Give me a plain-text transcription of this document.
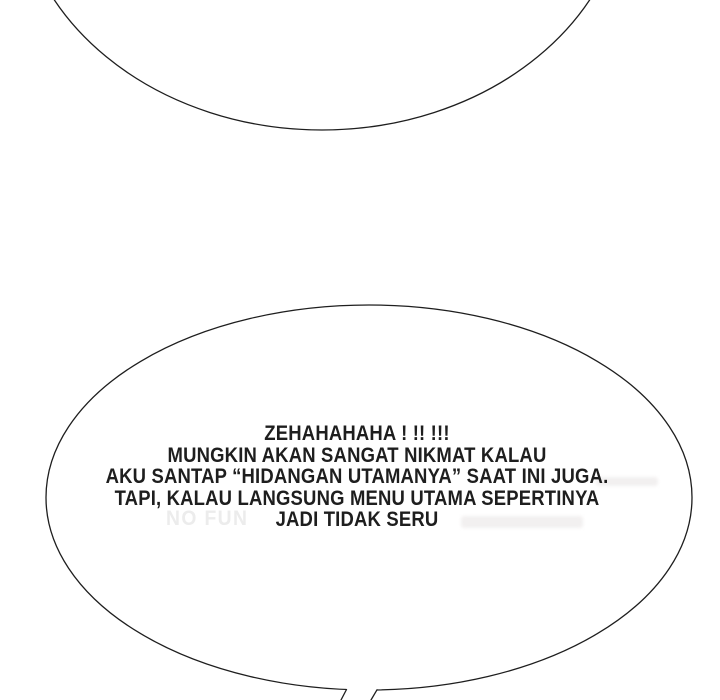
NO FUN
ZEHAHAHAHA ! !! !!!
MUNGKIN AKAN SANGAT NIKMAT KALAU
AKU SANTAP “HIDANGAN UTAMANYA” SAAT INI JUGA.
TAPI, KALAU LANGSUNG MENU UTAMA SEPERTINYA
JADI TIDAK SERU
